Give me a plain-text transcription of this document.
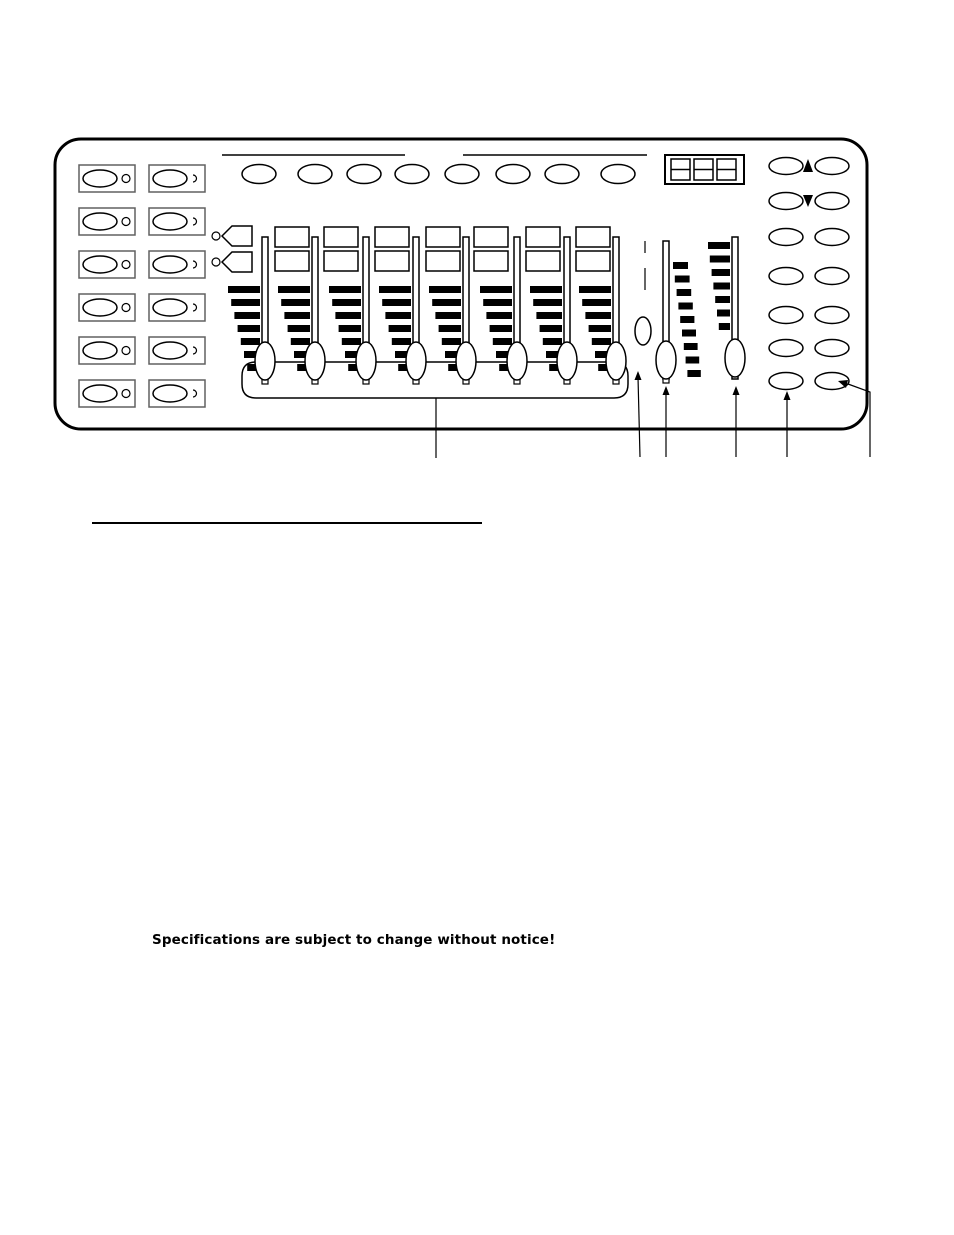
Specifications are subject to change without notice!
